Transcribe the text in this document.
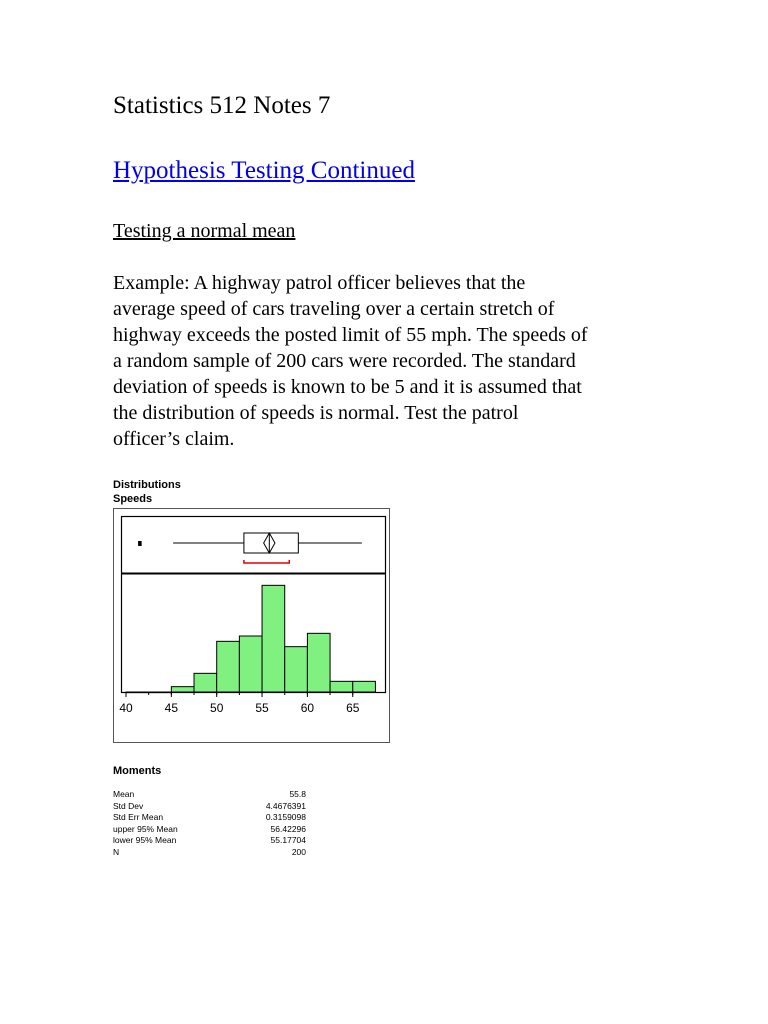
Statistics 512 Notes 7
Hypothesis Testing Continued
Testing a normal mean
Example: A highway patrol officer believes that the
average speed of cars traveling over a certain stretch of
highway exceeds the posted limit of 55 mph. The speeds of
a random sample of 200 cars were recorded. The standard
deviation of speeds is known to be 5 and it is assumed that
the distribution of speeds is normal. Test the patrol
officer’s claim.
Distributions
Speeds
40	45	50	55	60	65
Moments
Mean	55.8
Std Dev	4.4676391
Std Err Mean	0.3159098
upper 95% Mean	56.42296
lower 95% Mean	55.17704
N	200
